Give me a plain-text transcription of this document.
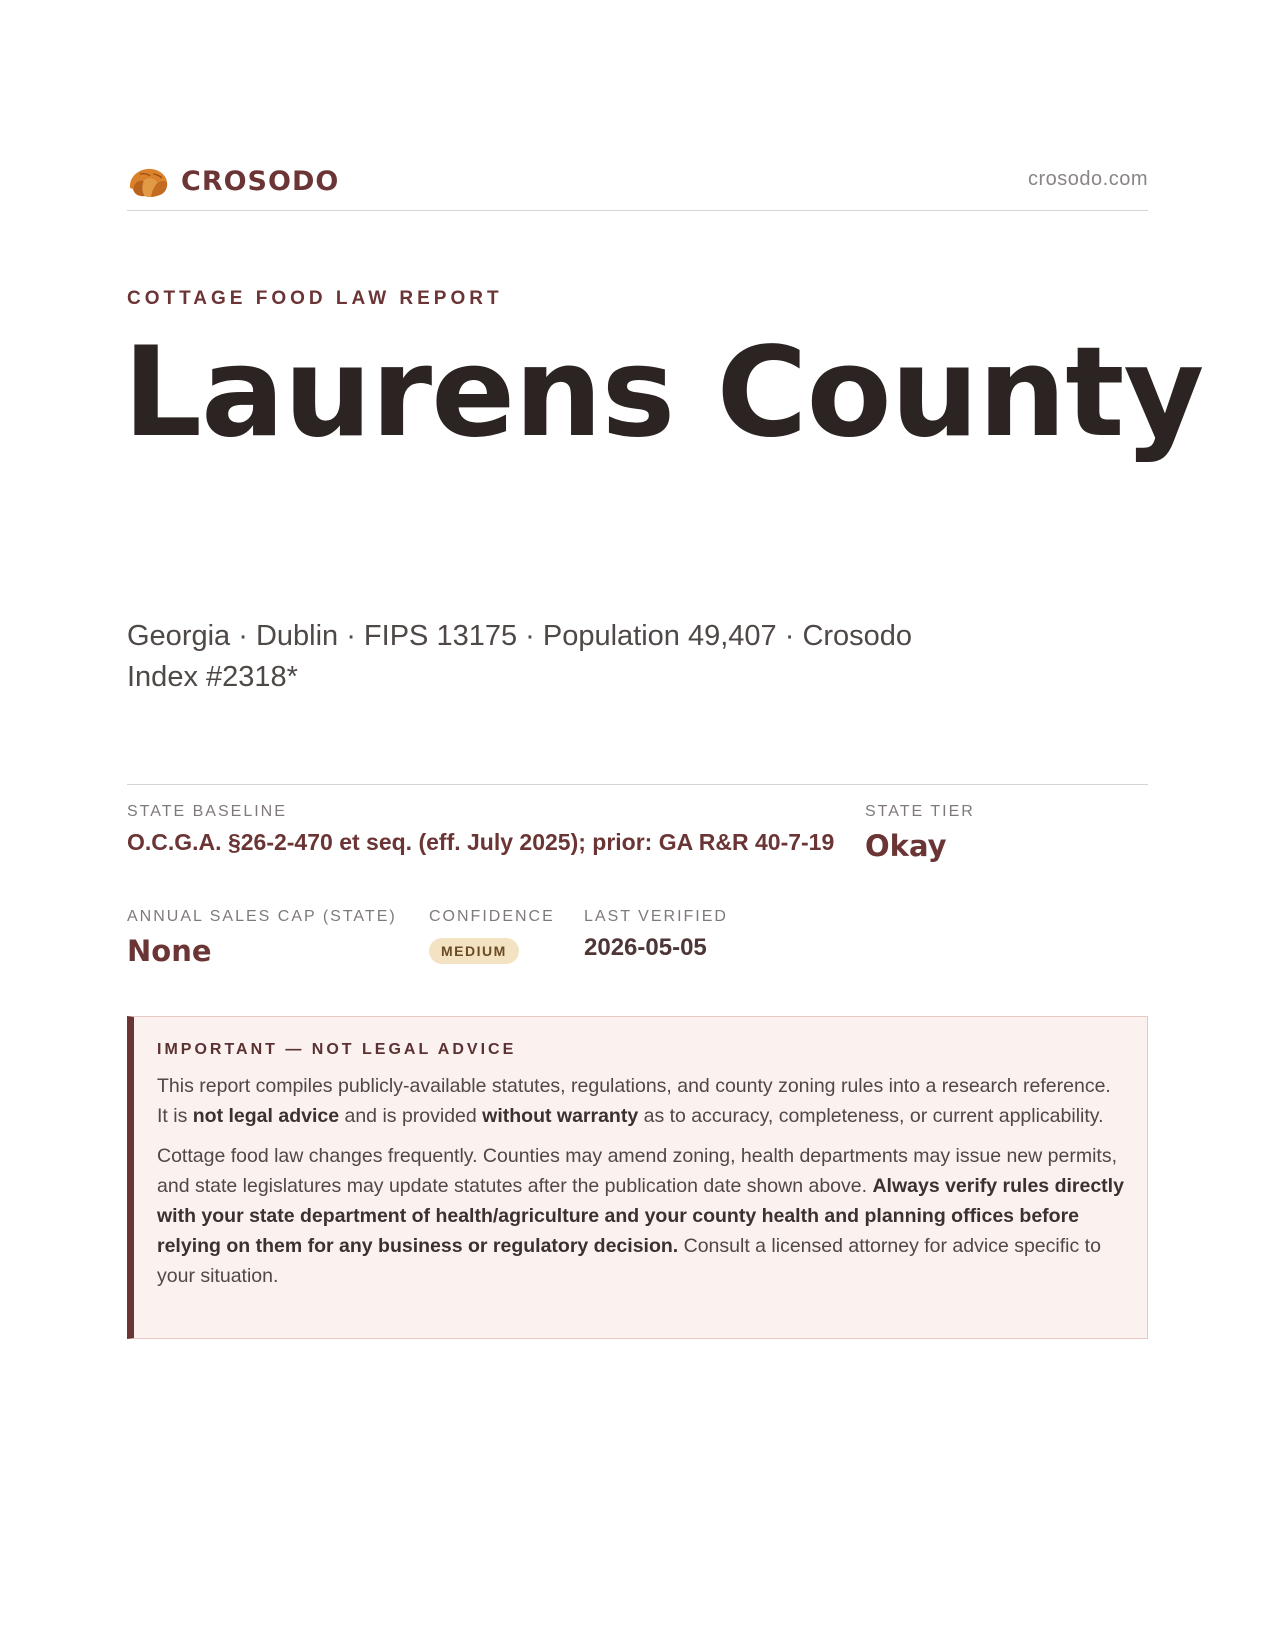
CROSODO	crosodo.com
COTTAGE FOOD LAW REPORT
Laurens County
Georgia · Dublin · FIPS 13175 · Population 49,407 · Crosodo Index #2318*
STATE BASELINE
O.C.G.A. §26-2-470 et seq. (eff. July 2025); prior: GA R&R 40-7-19
STATE TIER
Okay
ANNUAL SALES CAP (STATE)
None
CONFIDENCE
MEDIUM
LAST VERIFIED
2026-05-05
IMPORTANT — NOT LEGAL ADVICE

This report compiles publicly-available statutes, regulations, and county zoning rules into a research reference. It is not legal advice and is provided without warranty as to accuracy, completeness, or current applicability.

Cottage food law changes frequently. Counties may amend zoning, health departments may issue new permits, and state legislatures may update statutes after the publication date shown above. Always verify rules directly with your state department of health/agriculture and your county health and planning offices before relying on them for any business or regulatory decision. Consult a licensed attorney for advice specific to your situation.
